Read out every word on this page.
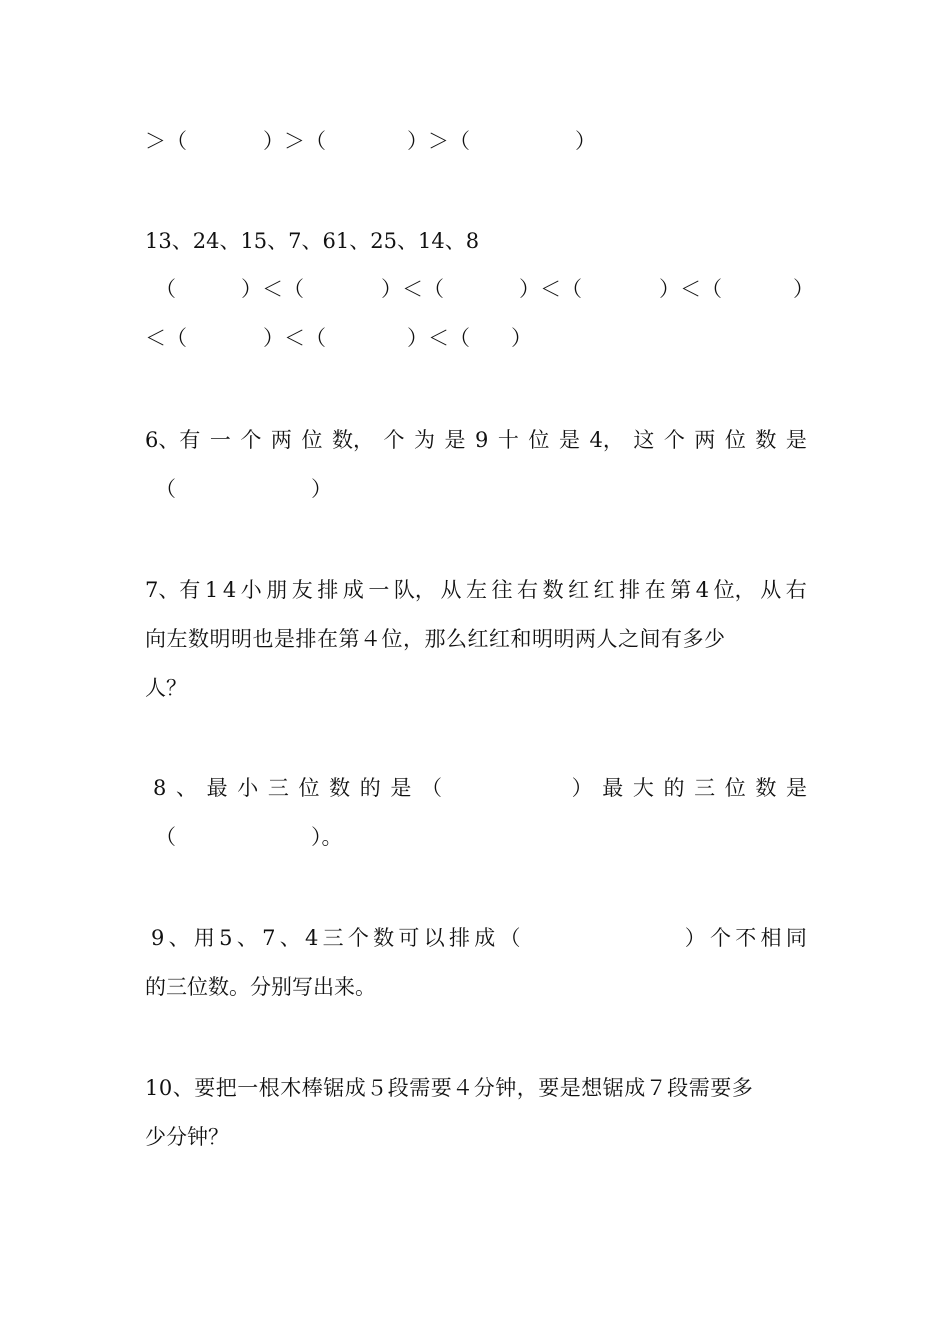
＞（	）＞（	）＞（	）
13、24、15、7、61、25、14、8
（	）＜（	）＜（	）＜（	）＜（	）
＜（	）＜（	）＜（ ）
6、有 一 个 两 位 数， 个 为 是 9 十 位 是 4， 这 个 两 位 数 是
（	）
7、有 1 4 小 朋 友 排 成 一 队， 从 左 往 右 数 红 红 排 在 第 4 位， 从 右
向左数明明也是排在第４位，那么红红和明明两人之间有多少
人？
8 、 最 小 三 位 数 的 是 （	） 最 大 的 三 位 数 是
（	）。
9 、 用 5 、 7 、 4 三 个 数 可 以 排 成 （	） 个 不 相 同
的三位数。分别写出来。
10、要把一根木棒锯成５段需要４分钟，要是想锯成７段需要多
少分钟？
